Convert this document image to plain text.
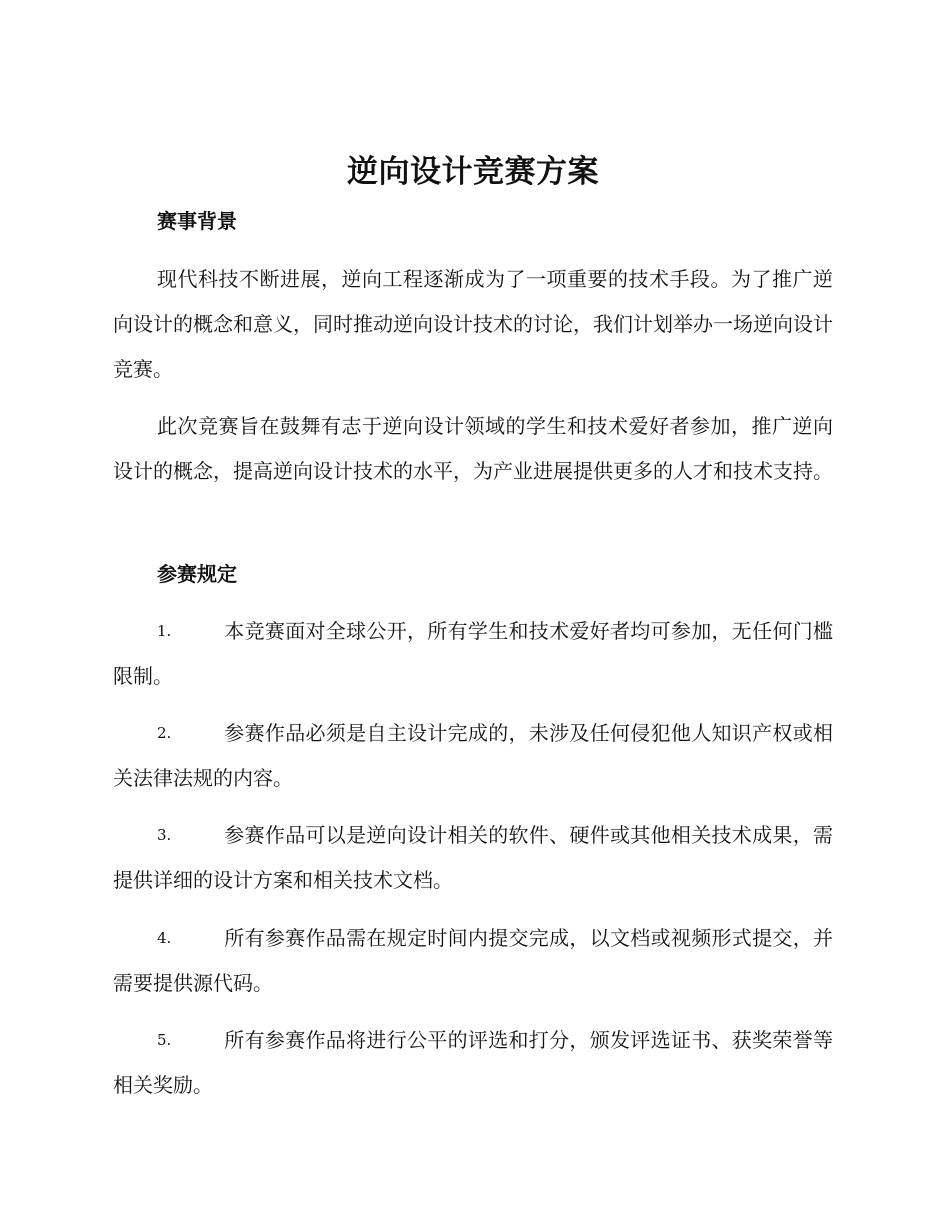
逆向设计竞赛方案
赛事背景
现代科技不断进展，逆向工程逐渐成为了一项重要的技术手段。为了推广逆向设计的概念和意义，同时推动逆向设计技术的讨论，我们计划举办一场逆向设计竞赛。
此次竞赛旨在鼓舞有志于逆向设计领域的学生和技术爱好者参加，推广逆向设计的概念，提高逆向设计技术的水平，为产业进展提供更多的人才和技术支持。
参赛规定
1.	本竞赛面对全球公开，所有学生和技术爱好者均可参加，无任何门槛限制。
2.	参赛作品必须是自主设计完成的，未涉及任何侵犯他人知识产权或相关法律法规的内容。
3.	参赛作品可以是逆向设计相关的软件、硬件或其他相关技术成果，需提供详细的设计方案和相关技术文档。
4.	所有参赛作品需在规定时间内提交完成，以文档或视频形式提交，并需要提供源代码。
5.	所有参赛作品将进行公平的评选和打分，颁发评选证书、获奖荣誉等相关奖励。
